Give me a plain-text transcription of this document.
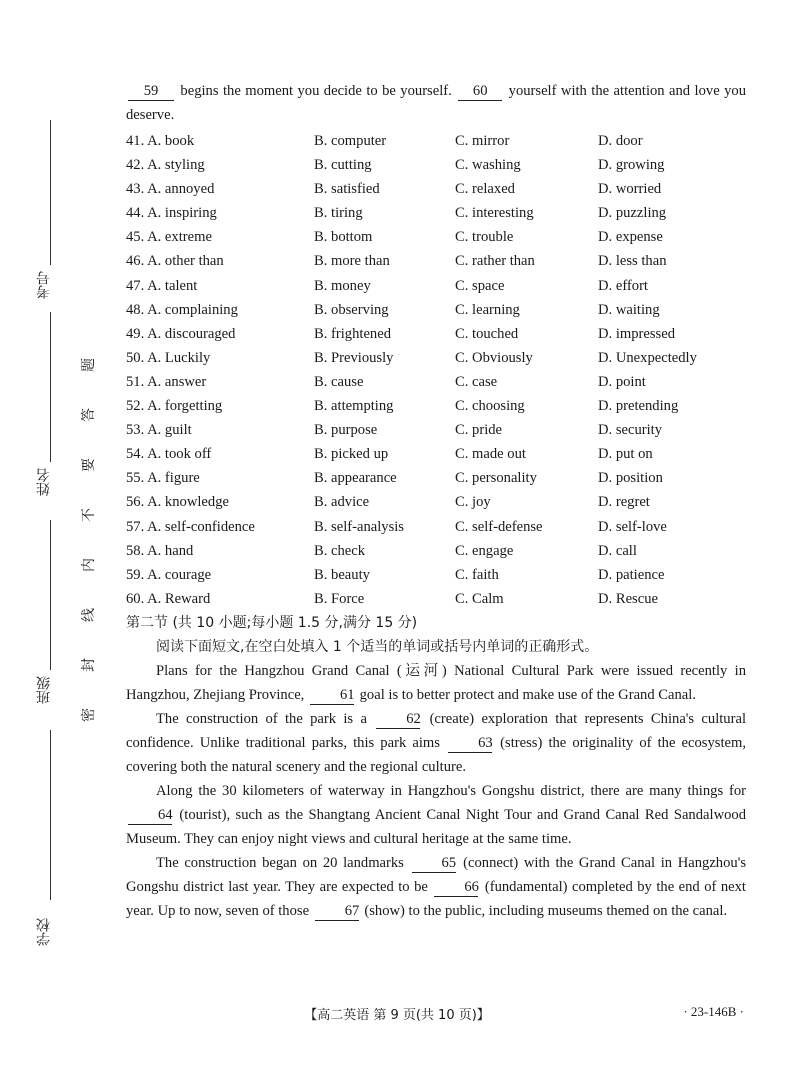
考号
姓名
班级
学校
题
答
要
不
内
线
封
密

59 begins the moment you decide to be yourself. 60 yourself with the attention and love you deserve.

41. A. book	B. computer	C. mirror	D. door
42. A. styling	B. cutting	C. washing	D. growing
43. A. annoyed	B. satisfied	C. relaxed	D. worried
44. A. inspiring	B. tiring	C. interesting	D. puzzling
45. A. extreme	B. bottom	C. trouble	D. expense
46. A. other than	B. more than	C. rather than	D. less than
47. A. talent	B. money	C. space	D. effort
48. A. complaining	B. observing	C. learning	D. waiting
49. A. discouraged	B. frightened	C. touched	D. impressed
50. A. Luckily	B. Previously	C. Obviously	D. Unexpectedly
51. A. answer	B. cause	C. case	D. point
52. A. forgetting	B. attempting	C. choosing	D. pretending
53. A. guilt	B. purpose	C. pride	D. security
54. A. took off	B. picked up	C. made out	D. put on
55. A. figure	B. appearance	C. personality	D. position
56. A. knowledge	B. advice	C. joy	D. regret
57. A. self-confidence	B. self-analysis	C. self-defense	D. self-love
58. A. hand	B. check	C. engage	D. call
59. A. courage	B. beauty	C. faith	D. patience
60. A. Reward	B. Force	C. Calm	D. Rescue
第二节 (共 10 小题;每小题 1.5 分,满分 15 分)
阅读下面短文,在空白处填入 1 个适当的单词或括号内单词的正确形式。

Plans for the Hangzhou Grand Canal (运河) National Cultural Park were issued recently in Hangzhou, Zhejiang Province, 61 goal is to better protect and make use of the Grand Canal.

The construction of the park is a 62 (create) exploration that represents China's cultural confidence. Unlike traditional parks, this park aims 63 (stress) the originality of the ecosystem, covering both the natural scenery and the regional culture.

Along the 30 kilometers of waterway in Hangzhou's Gongshu district, there are many things for 64 (tourist), such as the Shangtang Ancient Canal Night Tour and Grand Canal Red Sandalwood Museum. They can enjoy night views and cultural heritage at the same time.

The construction began on 20 landmarks 65 (connect) with the Grand Canal in Hangzhou's Gongshu district last year. They are expected to be 66 (fundamental) completed by the end of next year. Up to now, seven of those 67 (show) to the public, including museums themed on the canal.

【高二英语 第 9 页(共 10 页)】	· 23-146B ·
